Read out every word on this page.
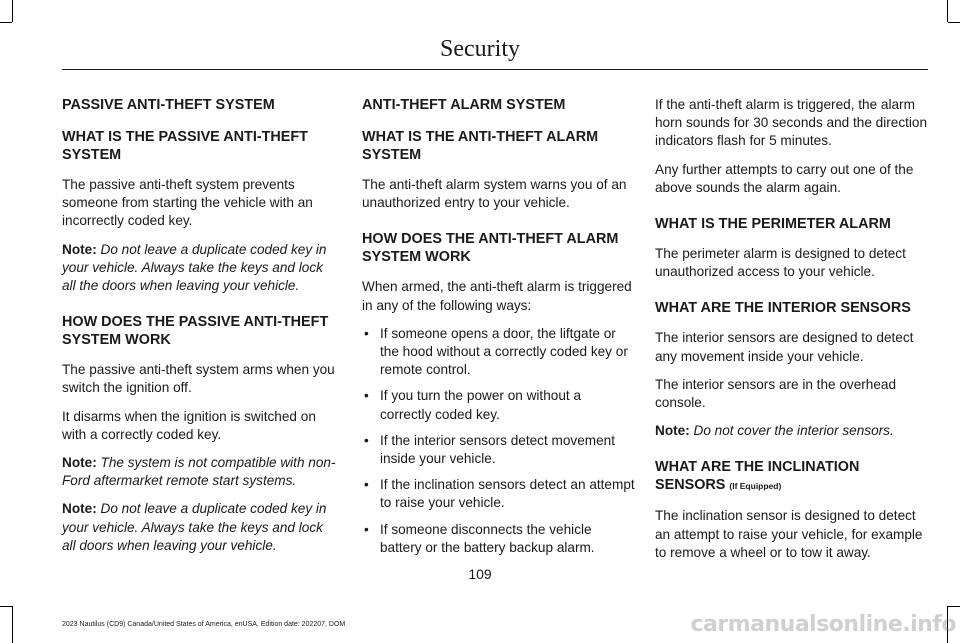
Security
PASSIVE ANTI-THEFT SYSTEM
WHAT IS THE PASSIVE ANTI-THEFT SYSTEM

The passive anti-theft system prevents someone from starting the vehicle with an incorrectly coded key.

Note: Do not leave a duplicate coded key in your vehicle. Always take the keys and lock all the doors when leaving your vehicle.

HOW DOES THE PASSIVE ANTI-THEFT SYSTEM WORK

The passive anti-theft system arms when you switch the ignition off.

It disarms when the ignition is switched on with a correctly coded key.

Note: The system is not compatible with non-Ford aftermarket remote start systems.

Note: Do not leave a duplicate coded key in your vehicle. Always take the keys and lock all doors when leaving your vehicle.

ANTI-THEFT ALARM SYSTEM
WHAT IS THE ANTI-THEFT ALARM SYSTEM

The anti-theft alarm system warns you of an unauthorized entry to your vehicle.

HOW DOES THE ANTI-THEFT ALARM SYSTEM WORK

When armed, the anti-theft alarm is triggered in any of the following ways:

• If someone opens a door, the liftgate or the hood without a correctly coded key or remote control.
• If you turn the power on without a correctly coded key.
• If the interior sensors detect movement inside your vehicle.
• If the inclination sensors detect an attempt to raise your vehicle.
• If someone disconnects the vehicle battery or the battery backup alarm.

If the anti-theft alarm is triggered, the alarm horn sounds for 30 seconds and the direction indicators flash for 5 minutes.

Any further attempts to carry out one of the above sounds the alarm again.

WHAT IS THE PERIMETER ALARM

The perimeter alarm is designed to detect unauthorized access to your vehicle.

WHAT ARE THE INTERIOR SENSORS

The interior sensors are designed to detect any movement inside your vehicle.

The interior sensors are in the overhead console.

Note: Do not cover the interior sensors.

WHAT ARE THE INCLINATION SENSORS (If Equipped)

The inclination sensor is designed to detect an attempt to raise your vehicle, for example to remove a wheel or to tow it away.

109
2023 Nautilus (CD9) Canada/United States of America, enUSA, Edition date: 202207, DOM	carmanualsonline.info
